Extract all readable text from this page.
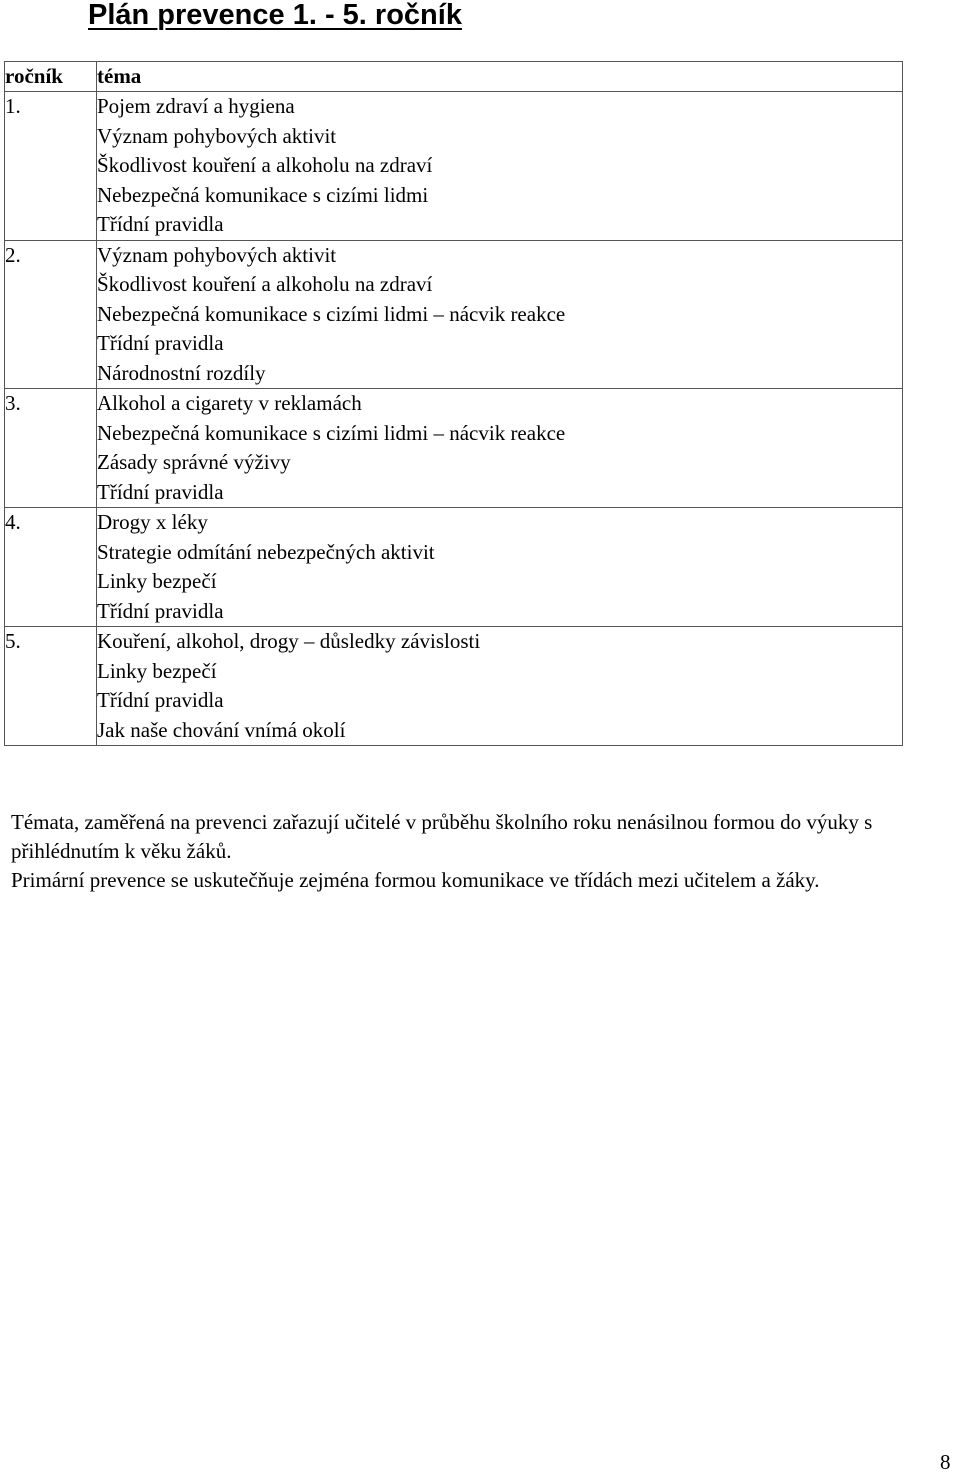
Plán prevence 1. - 5. ročník
ročník	téma
1.	Pojem zdraví a hygiena
	Význam pohybových aktivit
	Škodlivost kouření a alkoholu na zdraví
	Nebezpečná komunikace s cizími lidmi
	Třídní pravidla
2.	Význam pohybových aktivit
	Škodlivost kouření a alkoholu na zdraví
	Nebezpečná komunikace s cizími lidmi – nácvik reakce
	Třídní pravidla
	Národnostní rozdíly
3.	Alkohol a cigarety v reklamách
	Nebezpečná komunikace s cizími lidmi – nácvik reakce
	Zásady správné výživy
	Třídní pravidla
4.	Drogy x léky
	Strategie odmítání nebezpečných aktivit
	Linky bezpečí
	Třídní pravidla
5.	Kouření, alkohol, drogy – důsledky závislosti
	Linky bezpečí
	Třídní pravidla
	Jak naše chování vnímá okolí

Témata, zaměřená na prevenci zařazují učitelé v průběhu školního roku nenásilnou formou do výuky s přihlédnutím k věku žáků.

Primární prevence se uskutečňuje zejména formou komunikace ve třídách mezi učitelem a žáky.

8
